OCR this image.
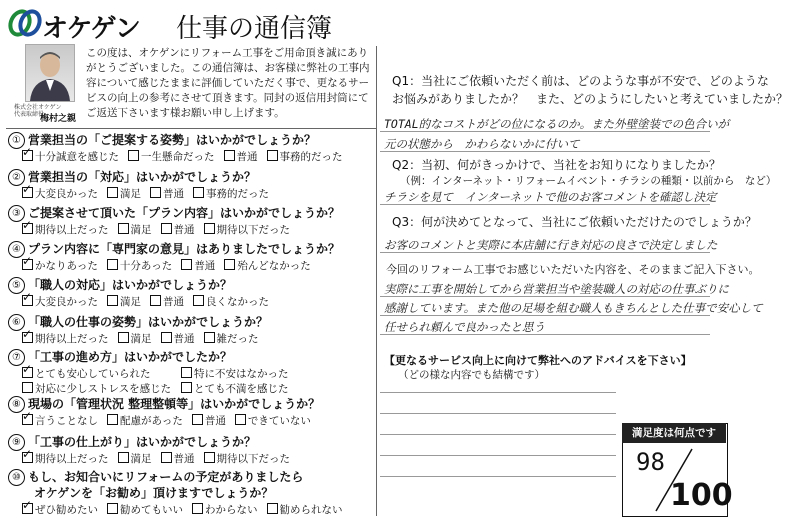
オケゲン 仕事の通信簿
株式会社オケゲン
代表取締役
梅村之親
この度は、オケゲンにリフォーム工事をご用命頂き誠にありがとうございました。この通信簿は、お客様に弊社の工事内容について感じたままに評価していただく事で、更なるサービスの向上の参考にさせて頂きます。同封の返信用封筒にてご返送下さいます様お願い申し上げます。
① 営業担当の「ご提案する姿勢」はいかがでしょうか？
✓十分誠意を感じた 一生懸命だった 普通 事務的だった
② 営業担当の「対応」はいかがでしょうか？
✓大変良かった 満足 普通 事務的だった
③ ご提案させて頂いた「プラン内容」はいかがでしょうか？
✓期待以上だった 満足 普通 期待以下だった
④ プラン内容に「専門家の意見」はありましたでしょうか？
✓かなりあった 十分あった 普通 殆んどなかった
⑤ 「職人の対応」はいかがでしょうか？
✓大変良かった 満足 普通 良くなかった
⑥ 「職人の仕事の姿勢」はいかがでしょうか？
✓期待以上だった 満足 普通 雑だった
⑦ 「工事の進め方」はいかがでしたか？
✓とても安心していられた	特に不安はなかった
対応に少しストレスを感じた とても不満を感じた
⑧ 現場の「管理状況 整理整頓等」はいかがでしょうか？
✓言うことなし 配慮があった 普通 できていない
⑨ 「工事の仕上がり」はいかがでしょうか？
✓期待以上だった 満足 普通 期待以下だった
⑩ もし、お知合いにリフォームの予定がありましたら
オケゲンを「お勧め」頂けますでしょうか？
✓ぜひ勧めたい 勧めてもいい わからない 勧められない
Q1：当社にご依頼いただく前は、どのような事が不安で、どのような
お悩みがありましたか？　また、どのようにしたいと考えていましたか？
TOTAL的なコストがどの位になるのか。また外壁塗装での色合いが
元の状態から　かわらないかに付いて
Q2：当初、何がきっかけで、当社をお知りになりましたか？
（例：インターネット・リフォームイベント・チラシの種類・以前から　など）
チラシを見て　インターネットで他のお客コメントを確認し決定
Q3：何が決めてとなって、当社にご依頼いただけたのでしょうか？
お客のコメントと実際に本店舗に行き対応の良さで決定しました
今回のリフォーム工事でお感じいただいた内容を、そのままご記入下さい。
実際に工事を開始してから営業担当や塗装職人の対応の仕事ぶりに
感謝しています。また他の足場を組む職人もきちんとした仕事で安心して
任せられ頼んで良かったと思う
【更なるサービス向上に向けて弊社へのアドバイスを下さい】
（どの様な内容でも結構です）
満足度は何点ですか？
98
100
